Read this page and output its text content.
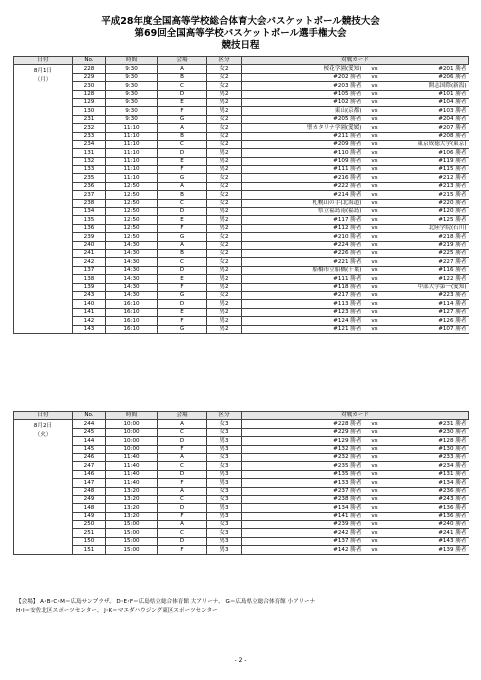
平成28年度全国高等学校総合体育大会バスケットボール競技大会
第69回全国高等学校バスケットボール選手権大会
競技日程
日付	No.	時間	会場	区分	対戦カード		

8月1日
（月）	228	9:30	A	女2	桜花学園(愛知)	vs	#201 勝者
	229	9:30	B	女2	#202 勝者	vs	#206 勝者
	230	9:30	C	女2	#203 勝者	vs	開志国際(新潟)
	128	9:30	D	男2	#105 勝者	vs	#101 勝者
	129	9:30	E	男2	#102 勝者	vs	#104 勝者
	130	9:30	F	男2	東山(京都)	vs	#103 勝者
	231	9:30	G	女2	#205 勝者	vs	#204 勝者
	232	11:10	A	女2	聖カタリナ学園(愛媛)	vs	#207 勝者
	233	11:10	B	女2	#211 勝者	vs	#208 勝者
	234	11:10	C	女2	#209 勝者	vs	東京成徳大学(東京)
	131	11:10	D	男2	#110 勝者	vs	#106 勝者
	132	11:10	E	男2	#109 勝者	vs	#119 勝者
	133	11:10	F	男2	#111 勝者	vs	#115 勝者
	235	11:10	G	女2	#216 勝者	vs	#212 勝者
	236	12:50	A	女2	#222 勝者	vs	#213 勝者
	237	12:50	B	女2	#214 勝者	vs	#215 勝者
	238	12:50	C	女2	札幌山の手(北海道)	vs	#220 勝者
	134	12:50	D	男2	県立福島南(福島)	vs	#120 勝者
	135	12:50	E	男2	#117 勝者	vs	#125 勝者
	136	12:50	F	男2	#112 勝者	vs	北陸学院(石川)
	239	12:50	G	女2	#210 勝者	vs	#218 勝者
	240	14:30	A	女2	#224 勝者	vs	#219 勝者
	241	14:30	B	女2	#226 勝者	vs	#225 勝者
	242	14:30	C	女2	#221 勝者	vs	#227 勝者
	137	14:30	D	男2	船橋市立船橋(千葉)	vs	#116 勝者
	138	14:30	E	男2	#111 勝者	vs	#122 勝者
	139	14:30	F	男2	#118 勝者	vs	中部大学第一(愛知)
	243	14:30	G	女2	#217 勝者	vs	#223 勝者
	140	16:10	D	男2	#113 勝者	vs	#114 勝者
	141	16:10	E	男2	#123 勝者	vs	#127 勝者
	142	16:10	F	男2	#124 勝者	vs	#126 勝者
	143	16:10	G	男2	#121 勝者	vs	#107 勝者
日付	No.	時間	会場	区分	対戦カード		

8月2日
（火）	244	10:00	A	女3	#228 勝者	vs	#231 勝者
	245	10:00	C	女3	#229 勝者	vs	#230 勝者
	144	10:00	D	男3	#129 勝者	vs	#128 勝者
	145	10:00	F	男3	#132 勝者	vs	#130 勝者
	246	11:40	A	女3	#232 勝者	vs	#233 勝者
	247	11:40	C	女3	#235 勝者	vs	#234 勝者
	146	11:40	D	男3	#135 勝者	vs	#131 勝者
	147	11:40	F	男3	#133 勝者	vs	#134 勝者
	248	13:20	A	女3	#237 勝者	vs	#236 勝者
	249	13:20	C	女3	#238 勝者	vs	#243 勝者
	148	13:20	D	男3	#134 勝者	vs	#136 勝者
	149	13:20	F	男3	#141 勝者	vs	#136 勝者
	250	15:00	A	女3	#239 勝者	vs	#240 勝者
	251	15:00	C	女3	#242 勝者	vs	#241 勝者
	150	15:00	D	男3	#137 勝者	vs	#143 勝者
	151	15:00	F	男3	#142 勝者	vs	#139 勝者
【会場】 A･B･C･M＝広島サンプラザ、 D･E･F＝広島県立総合体育館 大アリーナ、 G＝広島県立総合体育館 小アリーナ
H･I＝安佐北区スポーツセンター、 J･K＝マエダハウジング東区スポーツセンター
- 2 -
